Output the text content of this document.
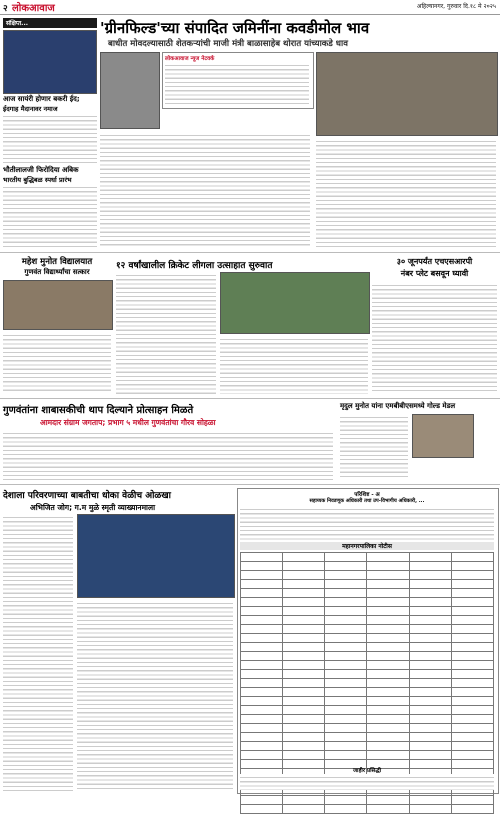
२ लोकआवाज	अहिल्यानगर, गुरुवार दि.१८ मे २०२५
संक्षिप्त...
आज सायंरी होणार बकरी ईद;
ईदगाह मैदानावर नमाज
भौतीलालजी फिरोदिया अबिक
भारतीय बुद्धिबळ स्पर्धा प्रारंभ
'ग्रीनफिल्ड'च्या संपादित जमिनींना कवडीमोल भाव
बाधीत मोवदल्यासाठी शेतकऱ्यांची माजी मंत्री बाळासाहेब थोरात यांच्याकडे धाव
लोकआवाज न्यूज नेटवर्क
महेश मुनोत विद्यालयात
गुणवंत विद्यार्थ्यांचा सत्कार
१२ वर्षांखालील क्रिकेट लीगला उत्साहात सुरुवात	३० जूनपर्यंत एचएसआरपी
नंबर प्लेट बसवून घ्यावी
गुणवंतांना शाबासकीची थाप दिल्याने प्रोत्साहन मिळते
आमदार संग्राम जगताप; प्रभाग ५ मधील गुणवंतांचा गौरव सोहळा
मृदुल मुनोत यांना एमबीबीएसमध्ये गोल्ड मेडल
देशाला परिवरणाच्या बाबतीचा धोका वेळीच ओळखा
अभिजित जोग; ग.म मुळे स्मृती व्याख्यानमाला
परिशिष्ट - अ
सहाय्यक निवडणूक अधिकारी तथा उप-विभागीय अधिकारी, ...
महानगरपालिका नोटीस

जाहीर प्रसिद्धी
